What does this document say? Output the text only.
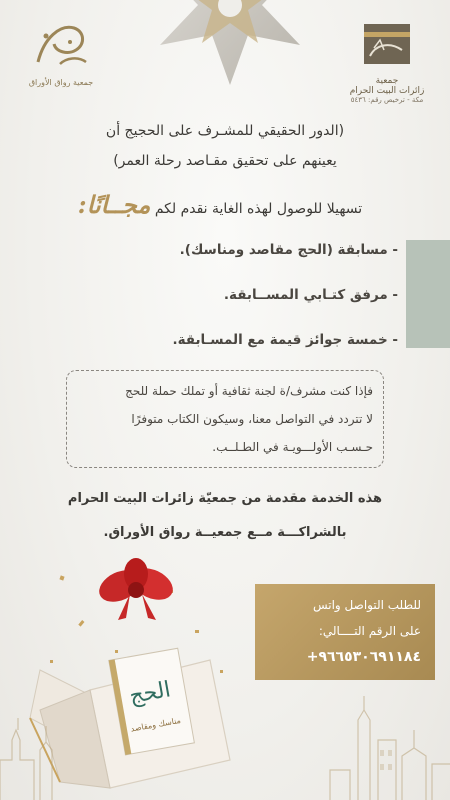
جمعية رواق الأوراق	جمعية
زائرات البيت الحرام
مكة - ترخيص رقم: ٥٤٣٦
(الدور الحقيقي للمشـرف على الحجيج أن
يعينهم على تحقيق مقـاصد رحلة العمر)
تسهيلا للوصول لهذه الغاية نقدم لكم مجــانًا:
- مسابقة (الحج مقاصد ومناسك).
- مرفق كتـابي المســابقة.
- خمسة جوائز قيمة مع المسـابقة.
فإذا كنت مشرف/ة لجنة ثقافية أو تملك حملة للحج
لا تتردد في التواصل معنا، وسيكون الكتاب متوفرًا
حـسـب الأولـــويـة في الطـلــب.
هذه الخدمة مقدمة من جمعيّة زائرات البيت الحرام
بالشراكـــة مــع جمعيــة رواق الأوراق.
الحج
مناسك ومقاصد
للطلب التواصل واتس
على الرقم التــــالي:
+٩٦٦٥٣٠٦٩١١٨٤
